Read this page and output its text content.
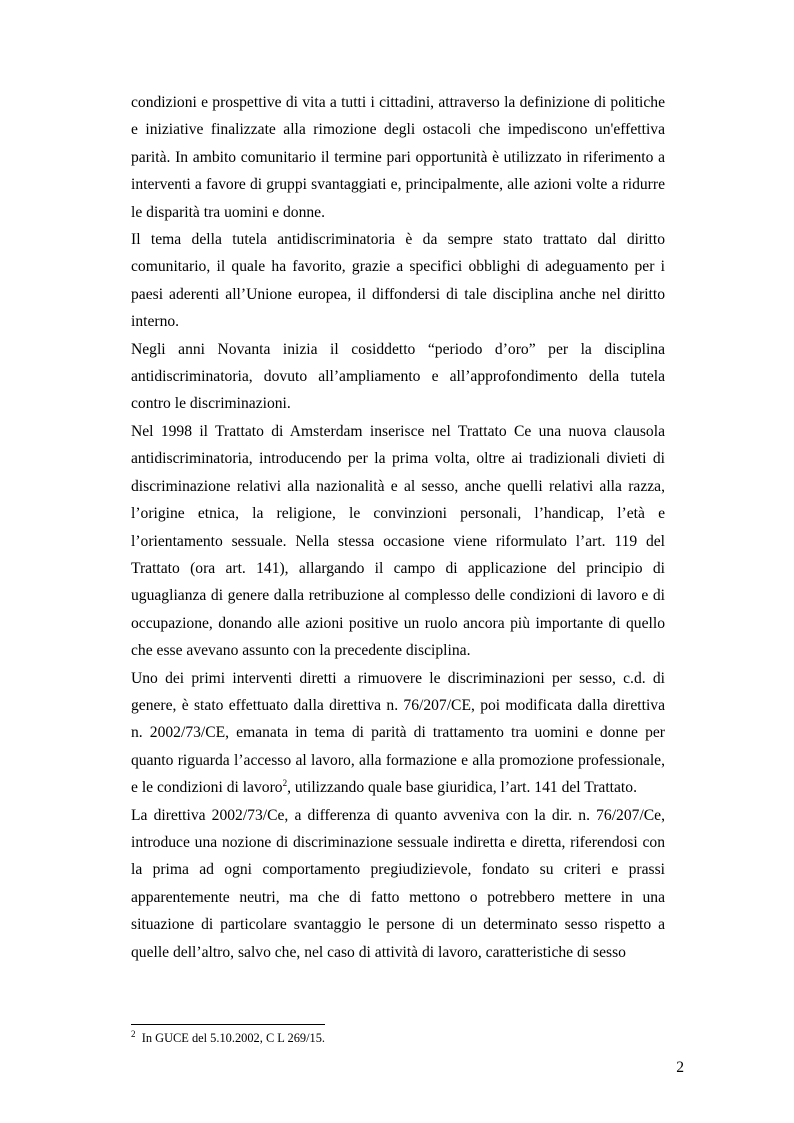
condizioni e prospettive di vita a tutti i cittadini, attraverso la definizione di politiche e iniziative finalizzate alla rimozione degli ostacoli che impediscono un'effettiva parità. In ambito comunitario il termine pari opportunità è utilizzato in riferimento a interventi a favore di gruppi svantaggiati e, principalmente, alle azioni volte a ridurre le disparità tra uomini e donne.

Il tema della tutela antidiscriminatoria è da sempre stato trattato dal diritto comunitario, il quale ha favorito, grazie a specifici obblighi di adeguamento per i paesi aderenti all’Unione europea, il diffondersi di tale disciplina anche nel diritto interno.

Negli anni Novanta inizia il cosiddetto “periodo d’oro” per la disciplina antidiscriminatoria, dovuto all’ampliamento e all’approfondimento della tutela contro le discriminazioni.

Nel 1998 il Trattato di Amsterdam inserisce nel Trattato Ce una nuova clausola antidiscriminatoria, introducendo per la prima volta, oltre ai tradizionali divieti di discriminazione relativi alla nazionalità e al sesso, anche quelli relativi alla razza, l’origine etnica, la religione, le convinzioni personali, l’handicap, l’età e l’orientamento sessuale. Nella stessa occasione viene riformulato l’art. 119 del Trattato (ora art. 141), allargando il campo di applicazione del principio di uguaglianza di genere dalla retribuzione al complesso delle condizioni di lavoro e di occupazione, donando alle azioni positive un ruolo ancora più importante di quello che esse avevano assunto con la precedente disciplina.

Uno dei primi interventi diretti a rimuovere le discriminazioni per sesso, c.d. di genere, è stato effettuato dalla direttiva n. 76/207/CE, poi modificata dalla direttiva n. 2002/73/CE, emanata in tema di parità di trattamento tra uomini e donne per quanto riguarda l’accesso al lavoro, alla formazione e alla promozione professionale, e le condizioni di lavoro$^2$, utilizzando quale base giuridica, l’art. 141 del Trattato.

La direttiva 2002/73/Ce, a differenza di quanto avveniva con la dir. n. 76/207/Ce, introduce una nozione di discriminazione sessuale indiretta e diretta, riferendosi con la prima ad ogni comportamento pregiudizievole, fondato su criteri e prassi apparentemente neutri, ma che di fatto mettono o potrebbero mettere in una situazione di particolare svantaggio le persone di un determinato sesso rispetto a quelle dell’altro, salvo che, nel caso di attività di lavoro, caratteristiche di sesso

$^2$ In GUCE del 5.10.2002, C L 269/15.
2
